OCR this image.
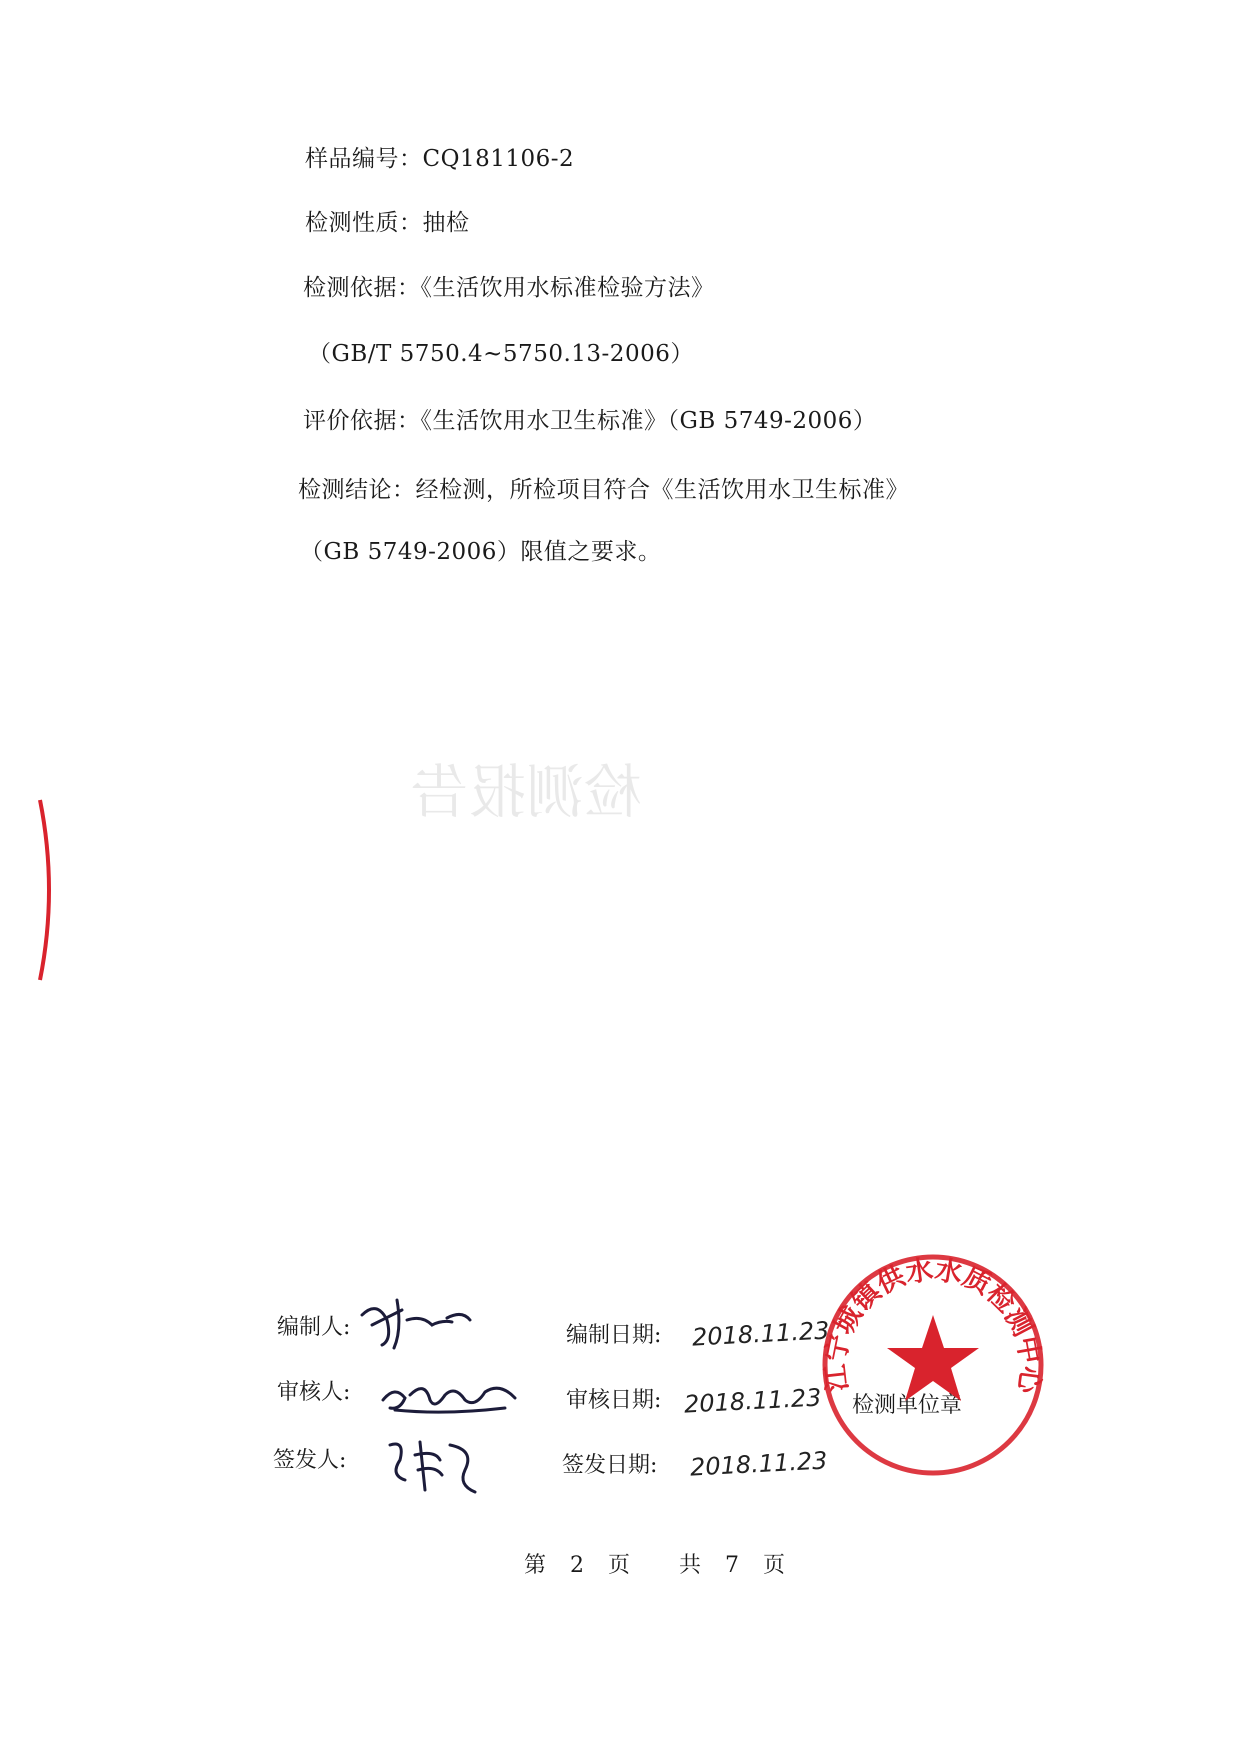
检测报告
样品编号：CQ181106-2
检测性质：抽检
检测依据：《生活饮用水标准检验方法》
（GB/T 5750.4~5750.13-2006）
评价依据：《生活饮用水卫生标准》（GB 5749-2006）
检测结论：经检测，所检项目符合《生活饮用水卫生标准》
（GB 5749-2006）限值之要求。
编制人:	编制日期: 2018.11.23
审核人:	审核日期: 2018.11.23 检测单位章
签发人:	签发日期: 2018.11.23
江宁城镇供水水质检测中心
第 2 页 共 7 页
